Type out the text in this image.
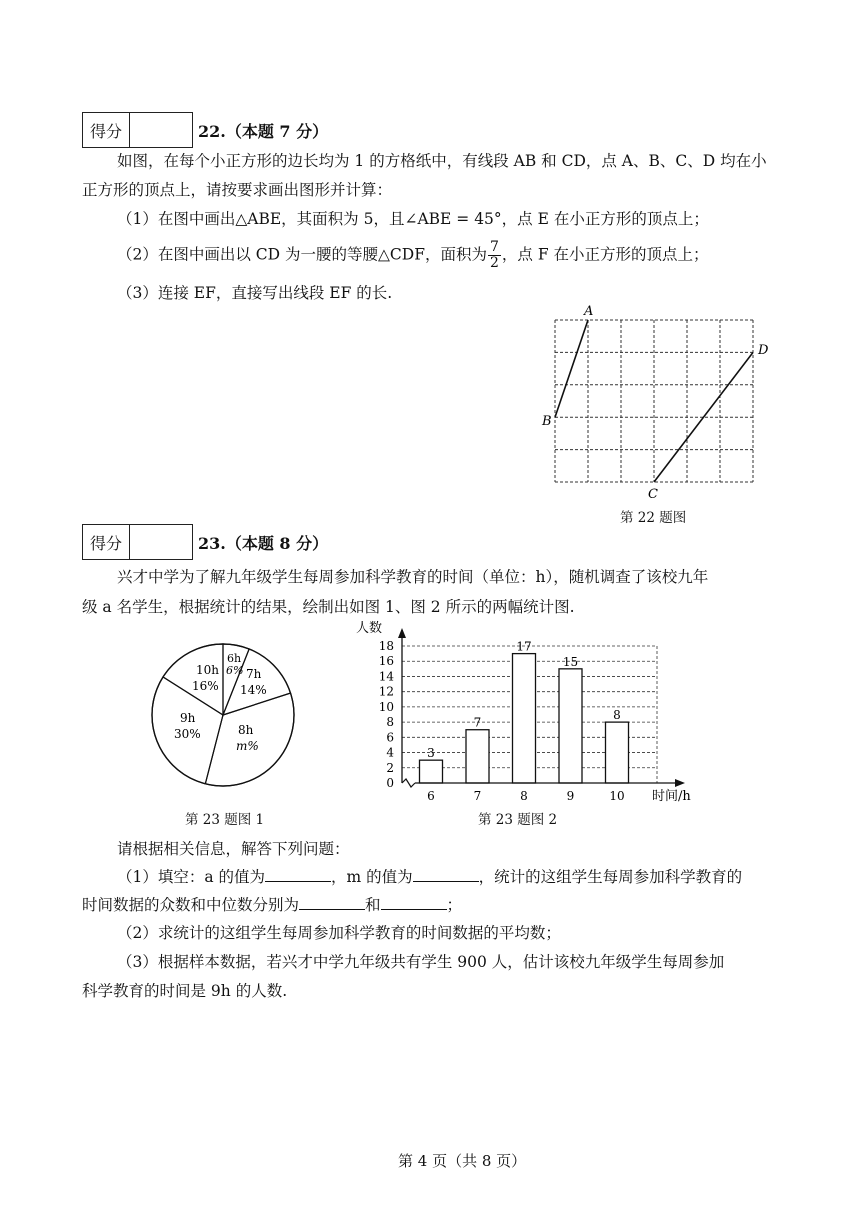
得分	22.（本题 7 分）
如图，在每个小正方形的边长均为 1 的方格纸中，有线段 AB 和 CD，点 A、B、C、D 均在小
正方形的顶点上，请按要求画出图形并计算：
（1）在图中画出△ABE，其面积为 5，且∠ABE = 45°，点 E 在小正方形的顶点上；
（2）在图中画出以 CD 为一腰的等腰△CDF，面积为 $\frac{7}{2}$ ，点 F 在小正方形的顶点上；
（3）连接 EF，直接写出线段 EF 的长.
A
B
C
D
第 22 题图
得分	23.（本题 8 分）
兴才中学为了解九年级学生每周参加科学教育的时间（单位：h），随机调查了该校九年
级 a 名学生，根据统计的结果，绘制出如图 1、图 2 所示的两幅统计图.
6h
6% 7h
14%
8h
m%
9h
30%
10h
16%
第 23 题图 1
人数
时间/h
0
2
4
6
8
10
12
14
16
18
3
7
17
15
8
6	7	8	9	10
第 23 题图 2
请根据相关信息，解答下列问题：
（1）填空：a 的值为	，m 的值为	，统计的这组学生每周参加科学教育的
时间数据的众数和中位数分别为	和	；
（2）求统计的这组学生每周参加科学教育的时间数据的平均数；
（3）根据样本数据，若兴才中学九年级共有学生 900 人，估计该校九年级学生每周参加
科学教育的时间是 9h 的人数.
第 4 页（共 8 页）
